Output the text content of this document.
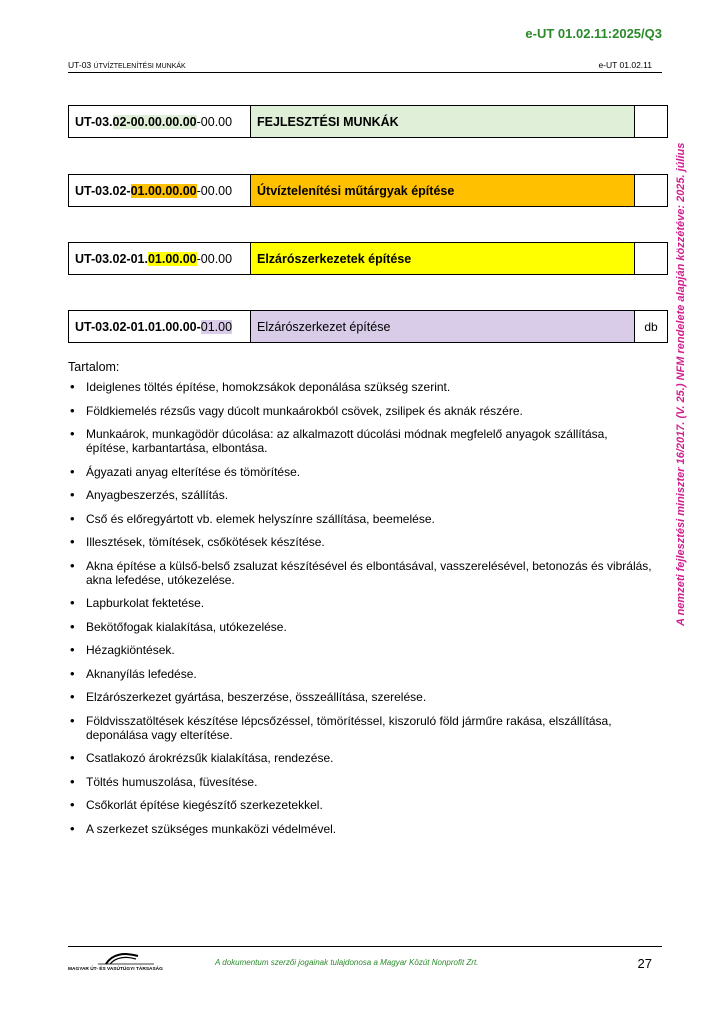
e-UT 01.02.11:2025/Q3
UT-03 ÚTVÍZTELENÍTÉSI MUNKÁK	e-UT 01.02.11
A nemzeti fejlesztési miniszter 16/2017. (V. 25.) NFM rendelete alapján közzétéve: 2025. július
UT-03. 02-00.00.00.00 -00.00	FEJLESZTÉSI MUNKÁK
UT-03.02- 01.00.00.00 -00.00	Útvíztelenítési műtárgyak építése
UT-03.02-01. 01.00.00 -00.00	Elzárószerkezetek építése
UT-03.02-01.01.00.00- 01.00	Elzárószerkezet építése	db
Tartalom:
• Ideiglenes töltés építése, homokzsákok deponálása szükség szerint.
• Földkiemelés rézsűs vagy dúcolt munkaárokból csövek, zsilipek és aknák részére.
• Munkaárok, munkagödör dúcolása: az alkalmazott dúcolási módnak megfelelő anyagok szállítása, építése, karbantartása, elbontása.
• Ágyazati anyag elterítése és tömörítése.
• Anyagbeszerzés, szállítás.
• Cső és előregyártott vb. elemek helyszínre szállítása, beemelése.
• Illesztések, tömítések, csőkötések készítése.
• Akna építése a külső-belső zsaluzat készítésével és elbontásával, vasszerelésével, betonozás és vibrálás, akna lefedése, utókezelése.
• Lapburkolat fektetése.
• Bekötőfogak kialakítása, utókezelése.
• Hézagkiöntések.
• Aknanyílás lefedése.
• Elzárószerkezet gyártása, beszerzése, összeállítása, szerelése.
• Földvisszatöltések készítése lépcsőzéssel, tömörítéssel, kiszoruló föld járműre rakása, elszállítása, deponálása vagy elterítése.
• Csatlakozó árokrézsűk kialakítása, rendezése.
• Töltés humuszolása, füvesítése.
• Csőkorlát építése kiegészítő szerkezetekkel.
• A szerkezet szükséges munkaközi védelmével.
MAGYAR ÚT- ÉS VASÚTÜGYI TÁRSASÁG
A dokumentum szerzői jogainak tulajdonosa a Magyar Közút Nonprofit Zrt.	27
